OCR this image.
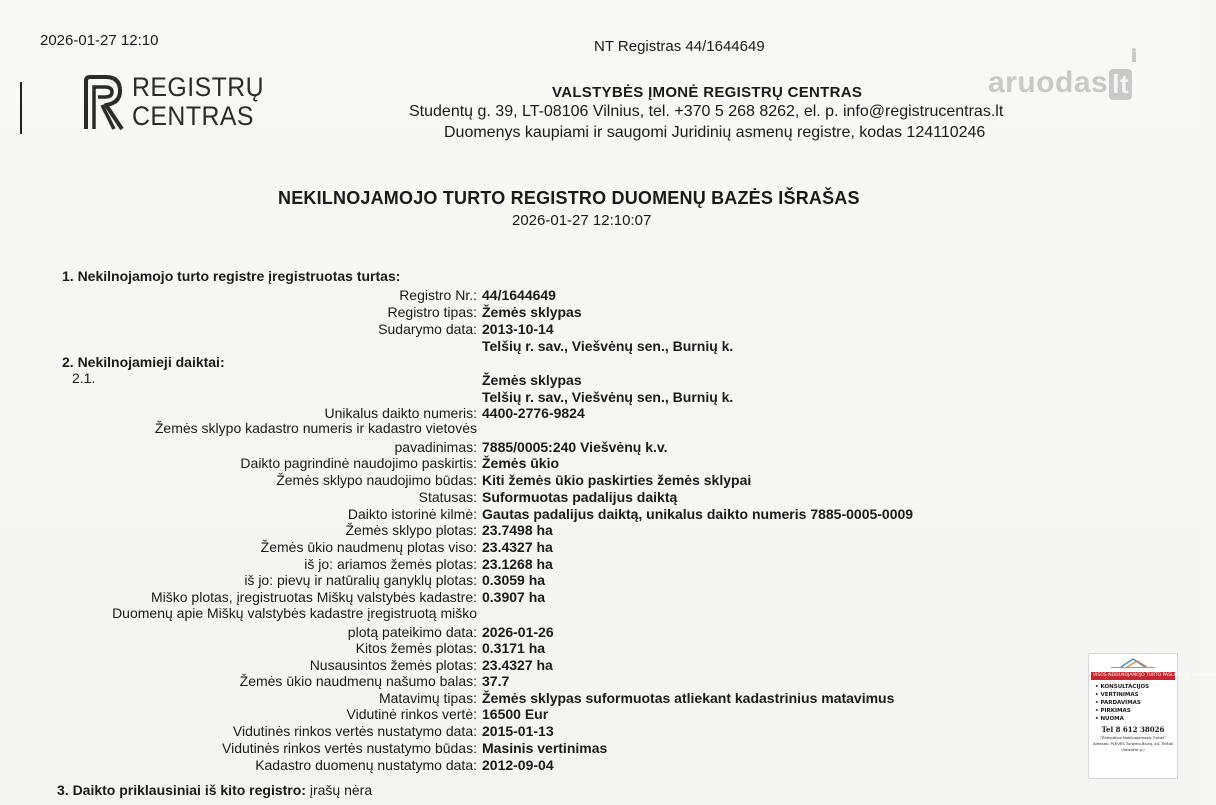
2026-01-27 12:10	NT Registras 44/1644649
REGISTRŲ
CENTRAS
aruodas lt
VALSTYBĖS ĮMONĖ REGISTRŲ CENTRAS
Studentų g. 39, LT-08106 Vilnius, tel. +370 5 268 8262, el. p. info@registrucentras.lt
Duomenys kaupiami ir saugomi Juridinių asmenų registre, kodas 124110246
NEKILNOJAMOJO TURTO REGISTRO DUOMENŲ BAZĖS IŠRAŠAS
2026-01-27 12:10:07
1. Nekilnojamojo turto registre įregistruotas turtas:
Registro Nr.: 44/1644649
Registro tipas: Žemės sklypas
Sudarymo data: 2013-10-14
Telšių r. sav., Viešvėnų sen., Burnių k.
2. Nekilnojamieji daiktai:
2.1.	Žemės sklypas
Telšių r. sav., Viešvėnų sen., Burnių k.
Unikalus daikto numeris: 4400-2776-9824
Žemės sklypo kadastro numeris ir kadastro vietovės
pavadinimas: 7885/0005:240 Viešvėnų k.v.
Daikto pagrindinė naudojimo paskirtis: Žemės ūkio
Žemės sklypo naudojimo būdas: Kiti žemės ūkio paskirties žemės sklypai
Statusas: Suformuotas padalijus daiktą
Daikto istorinė kilmė: Gautas padalijus daiktą, unikalus daikto numeris 7885-0005-0009
Žemės sklypo plotas: 23.7498 ha
Žemės ūkio naudmenų plotas viso: 23.4327 ha
iš jo: ariamos žemės plotas: 23.1268 ha
iš jo: pievų ir natūralių ganyklų plotas: 0.3059 ha
Miško plotas, įregistruotas Miškų valstybės kadastre: 0.3907 ha
Duomenų apie Miškų valstybės kadastre įregistruotą miško
plotą pateikimo data: 2026-01-26
Kitos žemės plotas: 0.3171 ha
Nusausintos žemės plotas: 23.4327 ha
Žemės ūkio naudmenų našumo balas: 37.7
Matavimų tipas: Žemės sklypas suformuotas atliekant kadastrinius matavimus
Vidutinė rinkos vertė: 16500 Eur
Vidutinės rinkos vertės nustatymo data: 2015-01-13
Vidutinės rinkos vertės nustatymo būdas: Masinis vertinimas
Kadastro duomenų nustatymo data: 2012-09-04
3. Daikto priklausiniai iš kito registro: įrašų nėra
VISOS NEKILNOJAMOJO TURTO PASLAUGOS TELŠIUOSE
• KONSULTACIJOS
• VERTINIMAS
• PARDAVIMAS
• PIRKIMAS
• NUOMA
Tel 8 612 38026
"Žemaitijos Nekilnojamasis Turtas"
Adresas: PLĖVĖS Turizmo Biurg. 44, Telšiai
(Vaisačio g.)
